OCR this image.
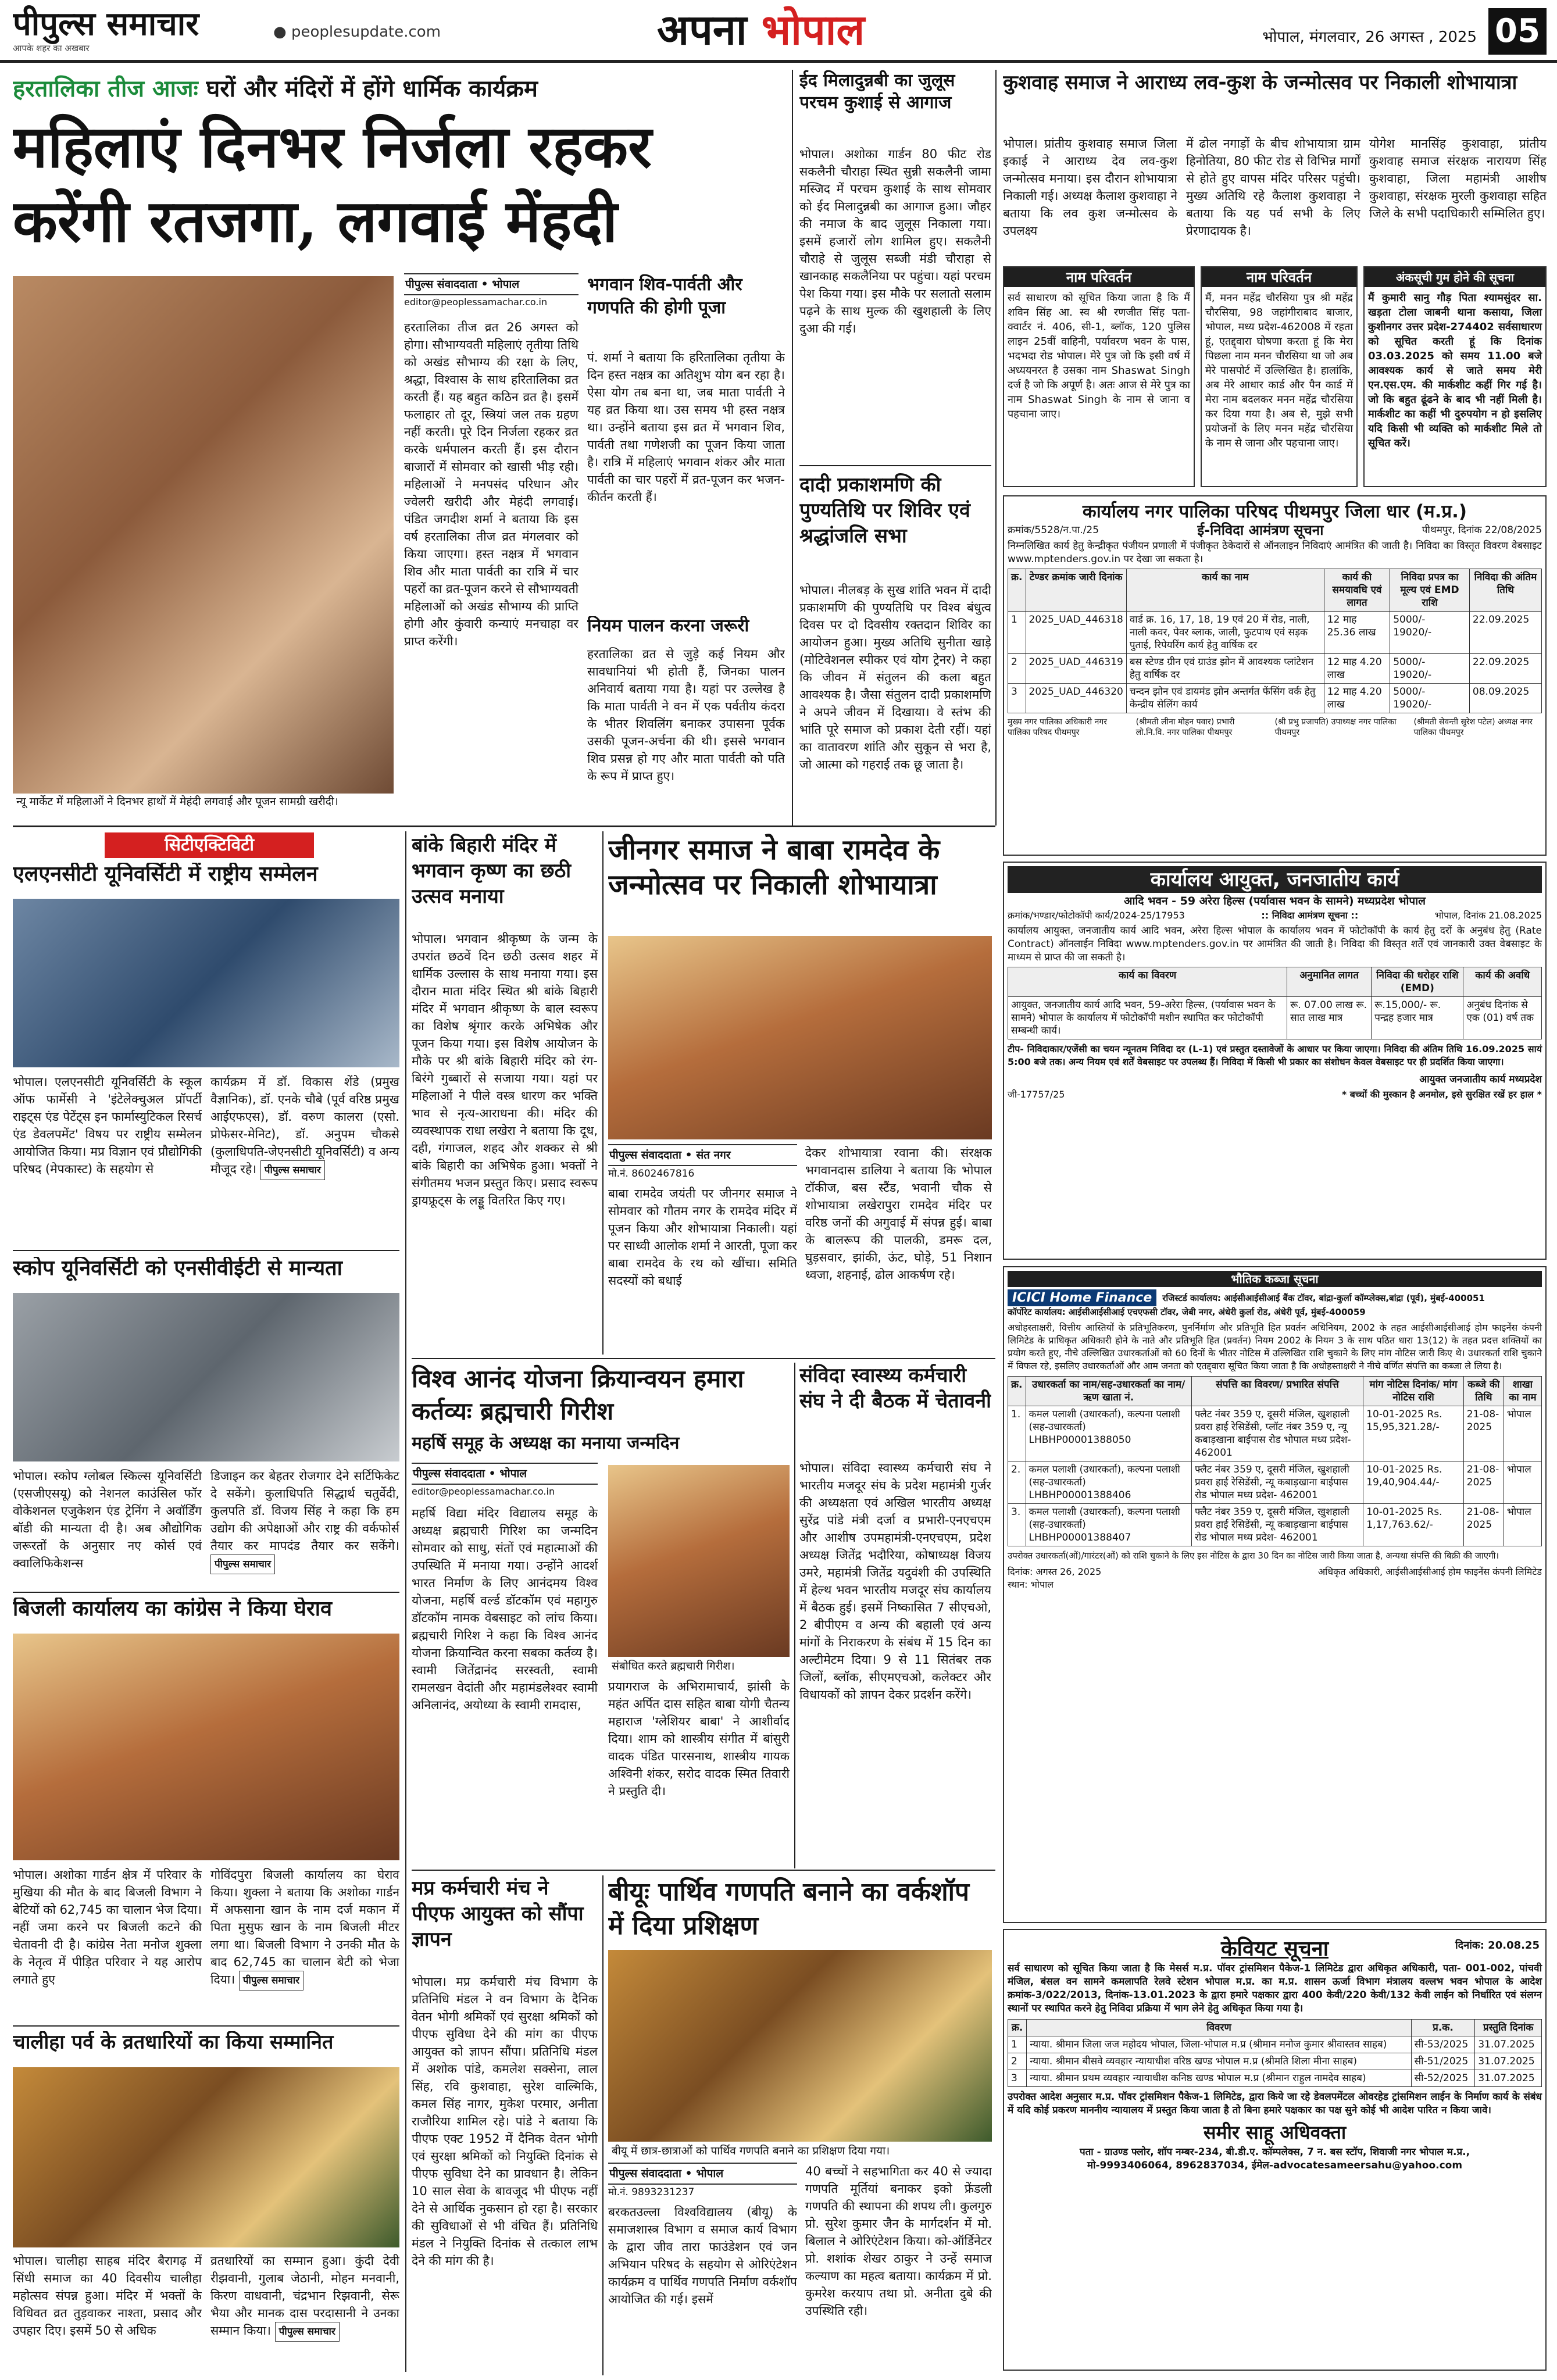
पीपुल्स समाचार
आपके शहर का अखबार
● peoplesupdate.com	अपना भोपाल	भोपाल, मंगलवार, 26 अगस्त , 2025 05
हरतालिका तीज आजः घरों और मंदिरों में होंगे धार्मिक कार्यक्रम
महिलाएं दिनभर निर्जला रहकर करेंगी रतजगा, लगवाई मेंहदी
न्यू मार्केट में महिलाओं ने दिनभर हाथों में मेहंदी लगवाई और पूजन सामग्री खरीदी।
पीपुल्स संवाददाता • भोपाल
editor@peoplessamachar.co.in
हरतालिका तीज व्रत 26 अगस्त को होगा। सौभाग्यवती महिलाएं तृतीया तिथि को अखंड सौभाग्य की रक्षा के लिए, श्रद्धा, विश्वास के साथ हरितालिका व्रत करती हैं। यह बहुत कठिन व्रत है। इसमें फलाहार तो दूर, स्त्रियां जल तक ग्रहण नहीं करती। पूरे दिन निर्जला रहकर व्रत करके धर्मपालन करती हैं। इस दौरान बाजारों में सोमवार को खासी भीड़ रही। महिलाओं ने मनपसंद परिधान और ज्वेलरी खरीदी और मेहंदी लगवाई। पंडित जगदीश शर्मा ने बताया कि इस वर्ष हरतालिका तीज व्रत मंगलवार को किया जाएगा। हस्त नक्षत्र में भगवान शिव और माता पार्वती का रात्रि में चार पहरों का व्रत-पूजन करने से सौभाग्यवती महिलाओं को अखंड सौभाग्य की प्राप्ति होगी और कुंवारी कन्याएं मनचाहा वर प्राप्त करेंगी।
भगवान शिव-पार्वती और गणपति की होगी पूजा
पं. शर्मा ने बताया कि हरितालिका तृतीया के दिन हस्त नक्षत्र का अतिशुभ योग बन रहा है। ऐसा योग तब बना था, जब माता पार्वती ने यह व्रत किया था। उस समय भी हस्त नक्षत्र था। उन्होंने बताया इस व्रत में भगवान शिव, पार्वती तथा गणेशजी का पूजन किया जाता है। रात्रि में महिलाएं भगवान शंकर और माता पार्वती का चार पहरों में व्रत-पूजन कर भजन-कीर्तन करती हैं।
नियम पालन करना जरूरी
हरतालिका व्रत से जुड़े कई नियम और सावधानियां भी होती हैं, जिनका पालन अनिवार्य बताया गया है। यहां पर उल्लेख है कि माता पार्वती ने वन में एक पर्वतीय कंदरा के भीतर शिवलिंग बनाकर उपासना पूर्वक उसकी पूजन-अर्चना की थी। इससे भगवान शिव प्रसन्न हो गए और माता पार्वती को पति के रूप में प्राप्त हुए।
ईद मिलादुन्नबी का जुलूस परचम कुशाई से आगाज
भोपाल। अशोका गार्डन 80 फीट रोड सकलैनी चौराहा स्थित सुन्नी सकलैनी जामा मस्जिद में परचम कुशाई के साथ सोमवार को ईद मिलादुन्नबी का आगाज हुआ। जौहर की नमाज के बाद जुलूस निकाला गया। इसमें हजारों लोग शामिल हुए। सकलैनी चौराहे से जुलूस सब्जी मंडी चौराहा से खानकाह सकलैनिया पर पहुंचा। यहां परचम पेश किया गया। इस मौके पर सलातो सलाम पढ़ने के साथ मुल्क की खुशहाली के लिए दुआ की गई।
दादी प्रकाशमणि की पुण्यतिथि पर शिविर एवं श्रद्धांजलि सभा
भोपाल। नीलबड़ के सुख शांति भवन में दादी प्रकाशमणि की पुण्यतिथि पर विश्व बंधुत्व दिवस पर दो दिवसीय रक्तदान शिविर का आयोजन हुआ। मुख्य अतिथि सुनीता खाड़े (मोटिवेशनल स्पीकर एवं योग ट्रेनर) ने कहा कि जीवन में संतुलन की कला बहुत आवश्यक है। जैसा संतुलन दादी प्रकाशमणि ने अपने जीवन में दिखाया। वे स्तंभ की भांति पूरे समाज को प्रकाश देती रहीं। यहां का वातावरण शांति और सुकून से भरा है, जो आत्मा को गहराई तक छू जाता है।
कुशवाह समाज ने आराध्य लव-कुश के जन्मोत्सव पर निकाली शोभायात्रा
भोपाल। प्रांतीय कुशवाह समाज जिला इकाई ने आराध्य देव लव-कुश जन्मोत्सव मनाया। इस दौरान शोभायात्रा निकाली गई। अध्यक्ष कैलाश कुशवाहा ने बताया कि लव कुश जन्मोत्सव के उपलक्ष्य
में ढोल नगाड़ों के बीच शोभायात्रा ग्राम हिनोतिया, 80 फीट रोड से विभिन्न मार्गों से होते हुए वापस मंदिर परिसर पहुंची। मुख्य अतिथि रहे कैलाश कुशवाहा ने बताया कि यह पर्व सभी के लिए प्रेरणादायक है।
योगेश मानसिंह कुशवाहा, प्रांतीय कुशवाह समाज संरक्षक नारायण सिंह कुशवाहा, जिला महामंत्री आशीष कुशवाहा, संरक्षक मुरली कुशवाहा सहित जिले के सभी पदाधिकारी सम्मिलित हुए।
नाम परिवर्तन
सर्व साधारण को सूचित किया जाता है कि मैं शविन सिंह आ. स्व श्री रणजीत सिंह पता- क्वार्टर नं. 406, सी-1, ब्लॉक, 120 पुलिस लाइन 25वीं वाहिनी, पर्यावरण भवन के पास, भदभदा रोड भोपाल। मेरे पुत्र जो कि इसी वर्ष में अध्ययनरत है उसका नाम Shaswat Singh दर्ज है जो कि अपूर्ण है। अतः आज से मेरे पुत्र का नाम Shaswat Singh के नाम से जाना व पहचाना जाए।
नाम परिवर्तन
मैं, मनन महेंद्र चौरसिया पुत्र श्री महेंद्र चौरसिया, 98 जहांगीराबाद बाजार, भोपाल, मध्य प्रदेश-462008 में रहता हूं, एतद्द्वारा घोषणा करता हूं कि मेरा पिछला नाम मनन चौरसिया था जो अब मेरे पासपोर्ट में उल्लिखित है। हालांकि, अब मेरे आधार कार्ड और पैन कार्ड में मेरा नाम बदलकर मनन महेंद्र चौरसिया कर दिया गया है। अब से, मुझे सभी प्रयोजनों के लिए मनन महेंद्र चौरसिया के नाम से जाना और पहचाना जाए।
अंकसूची गुम होने की सूचना
मैं कुमारी सानु गौड़ पिता श्यामसुंदर सा. खड़ता टोला जाबनी थाना कसाया, जिला कुशीनगर उत्तर प्रदेश-274402 सर्वसाधारण को सूचित करती हूं कि दिनांक 03.03.2025 को समय 11.00 बजे आवश्यक कार्य से जाते समय मेरी एन.एस.एम. की मार्कशीट कहीं गिर गई है। जो कि बहुत ढूंढने के बाद भी नहीं मिली है। मार्कशीट का कहीं भी दुरुपयोग न हो इसलिए यदि किसी भी व्यक्ति को मार्कशीट मिले तो सूचित करें।
कार्यालय नगर पालिका परिषद पीथमपुर जिला धार (म.प्र.)
क्रमांक/5528/न.पा./25	ई-निविदा आमंत्रण सूचना	पीथमपुर, दिनांक 22/08/2025
निम्नलिखित कार्य हेतु केन्द्रीकृत पंजीयन प्रणाली में पंजीकृत ठेकेदारों से ऑनलाइन निविदाएं आमंत्रित की जाती है। निविदा का विस्तृत विवरण वेबसाइट www.mptenders.gov.in पर देखा जा सकता है।
क्र.	टेण्डर क्रमांक जारी दिनांक	कार्य का नाम	कार्य की समयावधि एवं लागत	निविदा प्रपत्र का मूल्य एवं EMD राशि	निविदा की अंतिम तिथि
1	2025_UAD_446318	वार्ड क्र. 16, 17, 18, 19 एवं 20 में रोड, नाली, नाली कवर, पेवर ब्लाक, जाली, फुटपाथ एवं सड़क पुताई, रिपेयरिंग कार्य हेतु वार्षिक दर	12 माह 25.36 लाख	5000/- 19020/-	22.09.2025
2	2025_UAD_446319	बस स्टेण्ड ग्रीन एवं ग्राउंड झोन में आवश्यक प्लांटेशन हेतु वार्षिक दर	12 माह 4.20 लाख	5000/- 19020/-	22.09.2025
3	2025_UAD_446320	चन्दन झोन एवं डायमंड झोन अन्तर्गत फेंसिंग वर्क हेतु केन्द्रीय सेलिंग कार्य	12 माह 4.20 लाख	5000/- 19020/-	08.09.2025
मुख्य नगर पालिका अधिकारी नगर पालिका परिषद पीथमपुर
(श्रीमती लीना मोहन पवार) प्रभारी लो.नि.वि. नगर पालिका पीथमपुर
(श्री प्रभु प्रजापति) उपाध्यक्ष नगर पालिका पीथमपुर
(श्रीमती सेवन्ती सुरेश पटेल) अध्यक्ष नगर पालिका पीथमपुर
कार्यालय आयुक्त, जनजातीय कार्य
आदि भवन - 59 अरेरा हिल्स (पर्यावास भवन के सामने) मध्यप्रदेश भोपाल
क्रमांक/भण्डार/फोटोकॉपी कार्य/2024-25/17953	:: निविदा आमंत्रण सूचना ::	भोपाल, दिनांक 21.08.2025
कार्यालय आयुक्त, जनजातीय कार्य आदि भवन, अरेरा हिल्स भोपाल के कार्यालय भवन में फोटोकॉपी के कार्य हेतु दरों के अनुबंध हेतु (Rate Contract) ऑनलाईन निविदा www.mptenders.gov.in पर आमंत्रित की जाती है। निविदा की विस्तृत शर्तें एवं जानकारी उक्त वेबसाइट के माध्यम से प्राप्त की जा सकती है।
कार्य का विवरण	अनुमानित लागत	निविदा की धरोहर राशि (EMD)	कार्य की अवधि
आयुक्त, जनजातीय कार्य आदि भवन, 59-अरेरा हिल्स, (पर्यावास भवन के सामने) भोपाल के कार्यालय में फोटोकॉपी मशीन स्थापित कर फोटोकॉपी सम्बन्धी कार्य।	रू. 07.00 लाख रू. सात लाख मात्र	रू.15,000/- रू. पन्द्रह हजार मात्र	अनुबंध दिनांक से एक (01) वर्ष तक
टीप- निविदाकार/एजेंसी का चयन न्यूनतम निविदा दर (L-1) एवं प्रस्तुत दस्तावेजों के आधार पर किया जाएगा। निविदा की अंतिम तिथि 16.09.2025 सायं 5:00 बजे तक। अन्य नियम एवं शर्तें वेबसाइट पर उपलब्ध हैं। निविदा में किसी भी प्रकार का संशोधन केवल वेबसाइट पर ही प्रदर्शित किया जाएगा।
आयुक्त जनजातीय कार्य मध्यप्रदेश
जी-17757/25	* बच्चों की मुस्कान है अनमोल, इसे सुरक्षित रखें हर हाल *
भौतिक कब्जा सूचना
ICICI Home Finance	रजिस्टर्ड कार्यालय: आईसीआईसीआई बैंक टॉवर, बांद्रा-कुर्ला कॉम्प्लेक्स,बांद्रा (पूर्व), मुंबई-400051
कॉर्पोरेट कार्यालय: आईसीआईसीआई एचएफसी टॉवर, जेबी नगर, अंधेरी कुर्ला रोड, अंधेरी पूर्व, मुंबई-400059
अधोहस्ताक्षरी, वित्तीय आस्तियों के प्रतिभूतिकरण, पुनर्निर्माण और प्रतिभूति हित प्रवर्तन अधिनियम, 2002 के तहत आईसीआईसीआई होम फाइनेंस कंपनी लिमिटेड के प्राधिकृत अधिकारी होने के नाते और प्रतिभूति हित (प्रवर्तन) नियम 2002 के नियम 3 के साथ पठित धारा 13(12) के तहत प्रदत्त शक्तियों का प्रयोग करते हुए, नीचे उल्लिखित उधारकर्ताओं को 60 दिनों के भीतर नोटिस में उल्लिखित राशि चुकाने के लिए मांग नोटिस जारी किए थे। उधारकर्ता राशि चुकाने में विफल रहे, इसलिए उधारकर्ताओं और आम जनता को एतद्द्वारा सूचित किया जाता है कि अधोहस्ताक्षरी ने नीचे वर्णित संपत्ति का कब्जा ले लिया है।
क्र.	उधारकर्ता का नाम/सह-उधारकर्ता का नाम/ऋण खाता नं.	संपत्ति का विवरण/ प्रभारित संपत्ति	मांग नोटिस दिनांक/ मांग नोटिस राशि	कब्जे की तिथि	शाखा का नाम
1.	कमल पलाशी (उधारकर्ता), कल्पना पलाशी (सह-उधारकर्ता) LHBHP00001388050	फ्लैट नंबर 359 ए, दूसरी मंजिल, खुशहाली प्रवरा हाई रेसिडेंसी, प्लॉट नंबर 359 ए, न्यू कबाड़खाना बाईपास रोड भोपाल मध्य प्रदेश- 462001	10-01-2025 Rs. 15,95,321.28/-	21-08-2025	भोपाल
2.	कमल पलाशी (उधारकर्ता), कल्पना पलाशी (सह-उधारकर्ता) LHBHP00001388406	फ्लैट नंबर 359 ए, दूसरी मंजिल, खुशहाली प्रवरा हाई रेसिडेंसी, न्यू कबाड़खाना बाईपास रोड भोपाल मध्य प्रदेश- 462001	10-01-2025 Rs. 19,40,904.44/-	21-08-2025	भोपाल
3.	कमल पलाशी (उधारकर्ता), कल्पना पलाशी (सह-उधारकर्ता) LHBHP00001388407	फ्लैट नंबर 359 ए, दूसरी मंजिल, खुशहाली प्रवरा हाई रेसिडेंसी, न्यू कबाड़खाना बाईपास रोड भोपाल मध्य प्रदेश- 462001	10-01-2025 Rs. 1,17,763.62/-	21-08-2025	भोपाल
उपरोक्त उधारकर्ता(ओं)/गारंटर(ओं) को राशि चुकाने के लिए इस नोटिस के द्वारा 30 दिन का नोटिस जारी किया जाता है, अन्यथा संपत्ति की बिक्री की जाएगी।
दिनांक: अगस्त 26, 2025
स्थान: भोपाल
अधिकृत अधिकारी, आईसीआईसीआई होम फाइनेंस कंपनी लिमिटेड
केवियट सूचना	दिनांक: 20.08.25
सर्व साधारण को सूचित किया जाता है कि मेसर्स म.प्र. पॉवर ट्रांसमिशन पैकेज-1 लिमिटेड द्वारा अधिकृत अधिकारी, पता- 001-002, पांचवी मंजिल, बंसल वन सामने कमलापति रेलवे स्टेशन भोपाल म.प्र. का म.प्र. शासन ऊर्जा विभाग मंत्रालय वल्लभ भवन भोपाल के आदेश क्रमांक-3/022/2013, दिनांक-13.01.2023 के द्वारा हमारे पक्षकार द्वारा 400 केवी/220 केवी/132 केवी लाईन को निर्धारित एवं संलग्न स्थानों पर स्थापित करने हेतु निविदा प्रक्रिया में भाग लेने हेतु अधिकृत किया गया है।
क्र.	विवरण	प्र.क.	प्रस्तुति दिनांक
1	न्याया. श्रीमान जिला जज महोदय भोपाल, जिला-भोपाल म.प्र (श्रीमान मनोज कुमार श्रीवास्तव साहब)	सी-53/2025	31.07.2025
2	न्याया. श्रीमान बीसवे व्यवहार न्यायाधीश वरिष्ठ खण्ड भोपाल म.प्र (श्रीमति शिला मीना साहब)	सी-51/2025	31.07.2025
3	न्याया. श्रीमान प्रथम व्यवहार न्यायाधीश कनिष्ठ खण्ड भोपाल म.प्र (श्रीमान राहुल नामदेव साहब)	सी-52/2025	31.07.2025
उपरोक्त आदेश अनुसार म.प्र. पॉवर ट्रांसमिशन पैकेज-1 लिमिटेड, द्वारा किये जा रहे डेवलपमेंटल ओवरहेड ट्रांसमिशन लाईन के निर्माण कार्य के संबंध में यदि कोई प्रकरण माननीय न्यायालय में प्रस्तुत किया जाता है तो बिना हमारे पक्षकार का पक्ष सुने कोई भी आदेश पारित न किया जावे।
समीर साहू अधिवक्ता
पता - ग्राउण्ड फ्लोर, शॉप नम्बर-234, बी.डी.ए. कॉम्पलेक्स, 7 न. बस स्टॉप, शिवाजी नगर भोपाल म.प्र.,
मो-9993406064, 8962837034, ईमेल-advocatesameersahu@yahoo.com
सिटीएक्टिविटी
एलएनसीटी यूनिवर्सिटी में राष्ट्रीय सम्मेलन
भोपाल। एलएनसीटी यूनिवर्सिटी के स्कूल ऑफ फार्मेसी ने 'इंटेलेक्चुअल प्रॉपर्टी राइट्स एंड पेटेंट्स इन फार्मास्युटिकल रिसर्च एंड डेवलपमेंट' विषय पर राष्ट्रीय सम्मेलन आयोजित किया। मप्र विज्ञान एवं प्रौद्योगिकी परिषद (मेपकास्ट) के सहयोग से
कार्यक्रम में डॉ. विकास शेंडे (प्रमुख वैज्ञानिक), डॉ. एनके चौबे (पूर्व वरिष्ठ प्रमुख आईएफएस), डॉ. वरुण कालरा (एसो. प्रोफेसर-मेनिट), डॉ. अनुपम चौकसे (कुलाधिपति-जेएनसीटी यूनिवर्सिटी) व अन्य मौजूद रहे। पीपुल्स समाचार
स्कोप यूनिवर्सिटी को एनसीवीईटी से मान्यता
भोपाल। स्कोप ग्लोबल स्किल्स यूनिवर्सिटी (एसजीएसयू) को नेशनल काउंसिल फॉर वोकेशनल एजुकेशन एंड ट्रेनिंग ने अवॉर्डिंग बॉडी की मान्यता दी है। अब औद्योगिक जरूरतों के अनुसार नए कोर्स एवं क्वालिफिकेशन्स
डिजाइन कर बेहतर रोजगार देने सर्टिफिकेट दे सकेंगे। कुलाधिपति सिद्धार्थ चतुर्वेदी, कुलपति डॉ. विजय सिंह ने कहा कि हम उद्योग की अपेक्षाओं और राष्ट्र की वर्कफोर्स तैयार कर मापदंड तैयार कर सकेंगे। पीपुल्स समाचार
बिजली कार्यालय का कांग्रेस ने किया घेराव
भोपाल। अशोका गार्डन क्षेत्र में परिवार के मुखिया की मौत के बाद बिजली विभाग ने बेटियों को 62,745 का चालान भेज दिया। नहीं जमा करने पर बिजली कटने की चेतावनी दी है। कांग्रेस नेता मनोज शुक्ला के नेतृत्व में पीड़ित परिवार ने यह आरोप लगाते हुए
गोविंदपुरा बिजली कार्यालय का घेराव किया। शुक्ला ने बताया कि अशोका गार्डन में अफसाना खान के नाम दर्ज मकान में पिता मुसुफ खान के नाम बिजली मीटर लगा था। बिजली विभाग ने उनकी मौत के बाद 62,745 का चालान बेटी को भेजा दिया। पीपुल्स समाचार
चालीहा पर्व के व्रतधारियों का किया सम्मानित
भोपाल। चालीहा साहब मंदिर बैरागढ़ में सिंधी समाज का 40 दिवसीय चालीहा महोत्सव संपन्न हुआ। मंदिर में भक्तों के विधिवत व्रत तुड़वाकर नाश्ता, प्रसाद और उपहार दिए। इसमें 50 से अधिक
व्रतधारियों का सम्मान हुआ। कुंदी देवी रीझवानी, गुलाब जेठानी, मोहन मनवानी, किरण वाधवानी, चंद्रभान रिझवानी, सेरू भैया और मानक दास परदासानी ने उनका सम्मान किया। पीपुल्स समाचार
बांके बिहारी मंदिर में भगवान कृष्ण का छठी उत्सव मनाया
भोपाल। भगवान श्रीकृष्ण के जन्म के उपरांत छठवें दिन छठी उत्सव शहर में धार्मिक उल्लास के साथ मनाया गया। इस दौरान माता मंदिर स्थित श्री बांके बिहारी मंदिर में भगवान श्रीकृष्ण के बाल स्वरूप का विशेष श्रृंगार करके अभिषेक और पूजन किया गया। इस विशेष आयोजन के मौके पर श्री बांके बिहारी मंदिर को रंग-बिरंगे गुब्बारों से सजाया गया। यहां पर महिलाओं ने पीले वस्त्र धारण कर भक्ति भाव से नृत्य-आराधना की। मंदिर की व्यवस्थापक राधा लखेरा ने बताया कि दूध, दही, गंगाजल, शहद और शक्कर से श्री बांके बिहारी का अभिषेक हुआ। भक्तों ने संगीतमय भजन प्रस्तुत किए। प्रसाद स्वरूप ड्रायफ्रूट्स के लड्डू वितरित किए गए।
जीनगर समाज ने बाबा रामदेव के जन्मोत्सव पर निकाली शोभायात्रा
पीपुल्स संवाददाता • संत नगर
मो.नं. 8602467816
बाबा रामदेव जयंती पर जीनगर समाज ने सोमवार को गौतम नगर के रामदेव मंदिर में पूजन किया और शोभायात्रा निकाली। यहां पर साध्वी आलोक शर्मा ने आरती, पूजा कर बाबा रामदेव के रथ को खींचा। समिति सदस्यों को बधाई
देकर शोभायात्रा रवाना की। संरक्षक भगवानदास डालिया ने बताया कि भोपाल टॉकीज, बस स्टैंड, भवानी चौक से शोभायात्रा लखेरापुरा रामदेव मंदिर पर वरिष्ठ जनों की अगुवाई में संपन्न हुई। बाबा के बालरूप की पालकी, डमरू दल, घुड़सवार, झांकी, ऊंट, घोड़े, 51 निशान ध्वजा, शहनाई, ढोल आकर्षण रहे।
विश्व आनंद योजना क्रियान्वयन हमारा कर्तव्यः ब्रह्मचारी गिरीश
महर्षि समूह के अध्यक्ष का मनाया जन्मदिन
पीपुल्स संवाददाता • भोपाल
editor@peoplessamachar.co.in
महर्षि विद्या मंदिर विद्यालय समूह के अध्यक्ष ब्रह्मचारी गिरिश का जन्मदिन सोमवार को साधु, संतों एवं महात्माओं की उपस्थिति में मनाया गया। उन्होंने आदर्श भारत निर्माण के लिए आनंदमय विश्व योजना, महर्षि वर्ल्ड डॉटकॉम एवं महागुरु डॉटकॉम नामक वेबसाइट को लांच किया। ब्रह्मचारी गिरिश ने कहा कि विश्व आनंद योजना क्रियान्वित करना सबका कर्तव्य है। स्वामी जितेंद्रानंद सरस्वती, स्वामी रामलखन वेदांती और महामंडलेश्वर स्वामी अनिलानंद, अयोध्या के स्वामी रामदास,
संबोधित करते ब्रह्मचारी गिरीश।
प्रयागराज के अभिरामाचार्य, झांसी के महंत अर्पित दास सहित बाबा योगी चैतन्य महाराज 'ग्लेशियर बाबा' ने आशीर्वाद दिया। शाम को शास्त्रीय संगीत में बांसुरी वादक पंडित पारसनाथ, शास्त्रीय गायक अश्विनी शंकर, सरोद वादक स्मित तिवारी ने प्रस्तुति दी।
संविदा स्वास्थ्य कर्मचारी संघ ने दी बैठक में चेतावनी
भोपाल। संविदा स्वास्थ्य कर्मचारी संघ ने भारतीय मजदूर संघ के प्रदेश महामंत्री गुर्जर की अध्यक्षता एवं अखिल भारतीय अध्यक्ष सुरेंद्र पांडे मंत्री दर्जा व प्रभारी-एनएचएम और आशीष उपमहामंत्री-एनएचएम, प्रदेश अध्यक्ष जितेंद्र भदौरिया, कोषाध्यक्ष विजय उमरे, महामंत्री जितेंद्र यदुवंशी की उपस्थिति में हेल्थ भवन भारतीय मजदूर संघ कार्यालय में बैठक हुई। इसमें निष्कासित 7 सीएचओ, 2 बीपीएम व अन्य की बहाली एवं अन्य मांगों के निराकरण के संबंध में 15 दिन का अल्टीमेटम दिया। 9 से 11 सितंबर तक जिलों, ब्लॉक, सीएमएचओ, कलेक्टर और विधायकों को ज्ञापन देकर प्रदर्शन करेंगे।
मप्र कर्मचारी मंच ने पीएफ आयुक्त को सौंपा ज्ञापन
भोपाल। मप्र कर्मचारी मंच विभाग के प्रतिनिधि मंडल ने वन विभाग के दैनिक वेतन भोगी श्रमिकों एवं सुरक्षा श्रमिकों को पीएफ सुविधा देने की मांग का पीएफ आयुक्त को ज्ञापन सौंपा। प्रतिनिधि मंडल में अशोक पांडे, कमलेश सक्सेना, लाल सिंह, रवि कुशवाहा, सुरेश वाल्मिकि, कमल सिंह नागर, मुकेश परमार, अनीता राजौरिया शामिल रहे। पांडे ने बताया कि पीएफ एक्ट 1952 में दैनिक वेतन भोगी एवं सुरक्षा श्रमिकों को नियुक्ति दिनांक से पीएफ सुविधा देने का प्रावधान है। लेकिन 10 साल सेवा के बावजूद भी पीएफ नहीं देने से आर्थिक नुकसान हो रहा है। सरकार की सुविधाओं से भी वंचित हैं। प्रतिनिधि मंडल ने नियुक्ति दिनांक से तत्काल लाभ देने की मांग की है।
बीयूः पार्थिव गणपति बनाने का वर्कशॉप में दिया प्रशिक्षण
बीयू में छात्र-छात्राओं को पार्थिव गणपति बनाने का प्रशिक्षण दिया गया।
पीपुल्स संवाददाता • भोपाल
मो.नं. 9893231237
बरकतउल्ला विश्वविद्यालय (बीयू) के समाजशास्त्र विभाग व समाज कार्य विभाग के द्वारा जीव तारा फाउंडेशन एवं जन अभियान परिषद के सहयोग से ओरिएंटेशन कार्यक्रम व पार्थिव गणपति निर्माण वर्कशॉप आयोजित की गई। इसमें
40 बच्चों ने सहभागिता कर 40 से ज्यादा गणपति मूर्तियां बनाकर इको फ्रेंडली गणपति की स्थापना की शपथ ली। कुलगुरु प्रो. सुरेश कुमार जैन के मार्गदर्शन में मो. बिलाल ने ओरिएंटेशन किया। को-ऑर्डिनेटर प्रो. शशांक शेखर ठाकुर ने उन्हें समाज कल्याण का महत्व बताया। कार्यक्रम में प्रो. कुमरेश करयाप तथा प्रो. अनीता दुबे की उपस्थिति रही।
